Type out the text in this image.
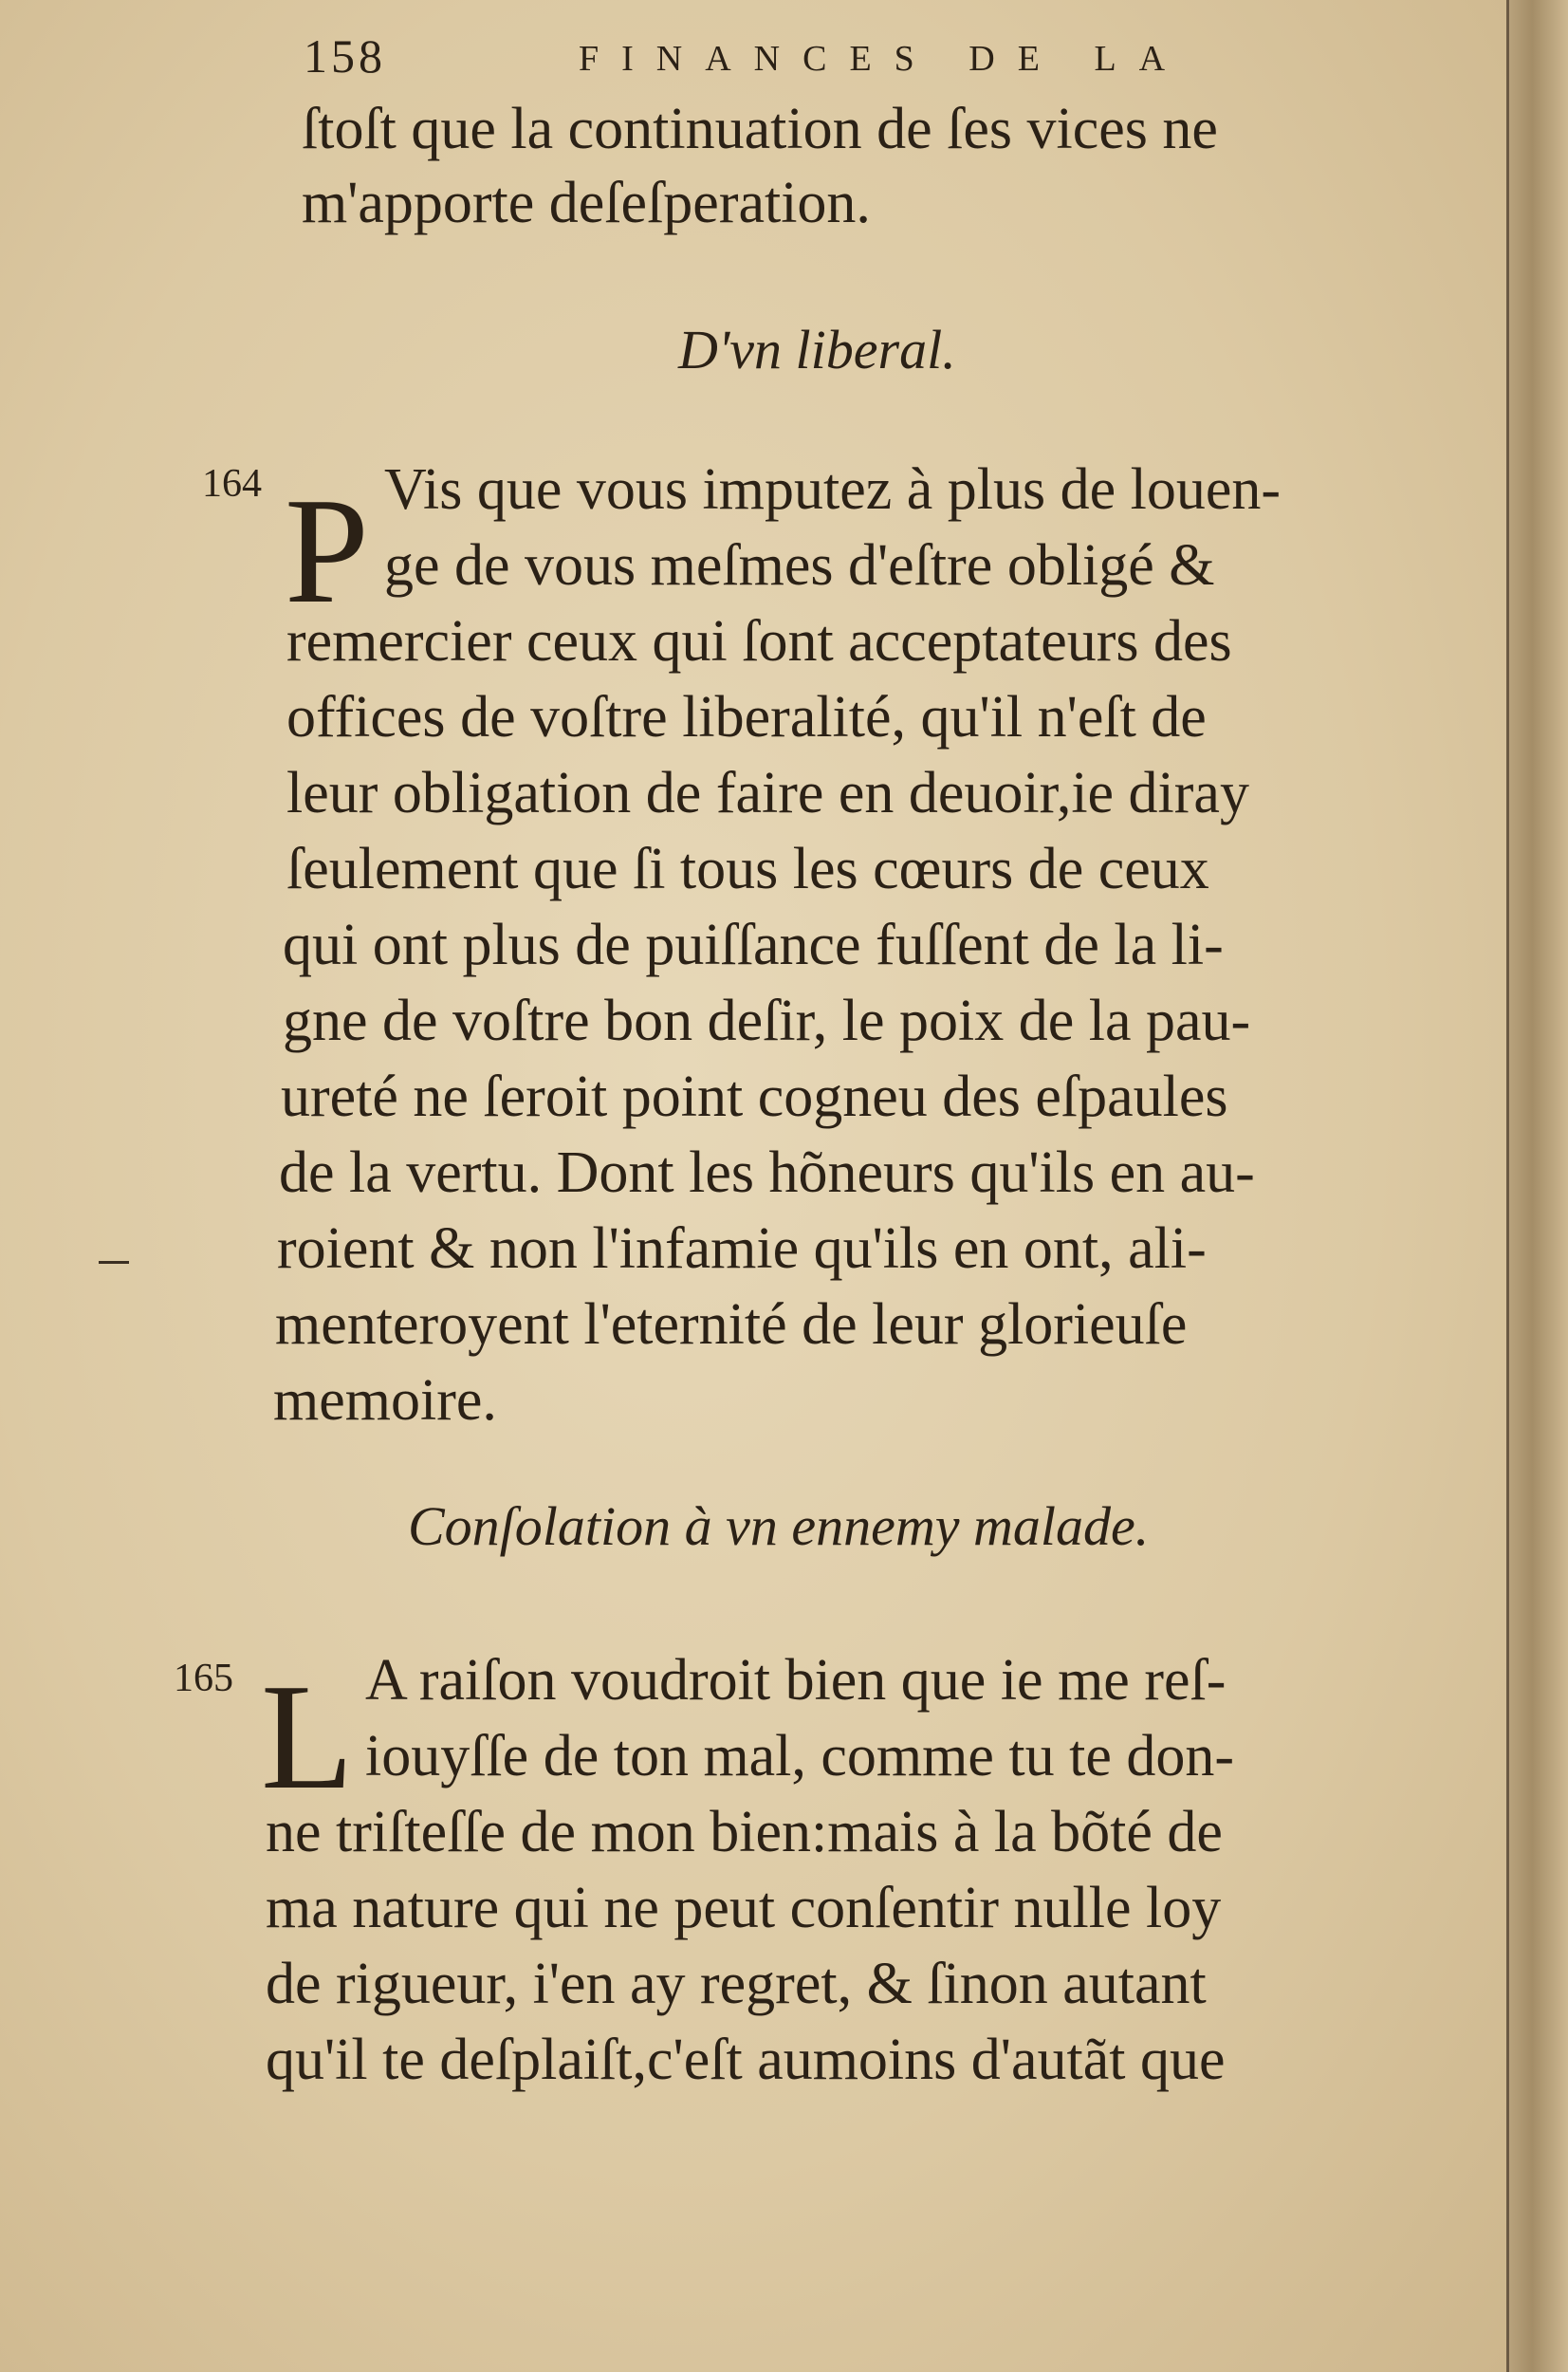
158	FINANCES DE LA
ſtoſt que la continuation de ſes vices ne
m'apporte deſeſperation.
D'vn liberal.
164 P Vis que vous imputez à plus de louen-
ge de vous meſmes d'eſtre obligé &
remercier ceux qui ſont acceptateurs des
offices de voſtre liberalité, qu'il n'eſt de
leur obligation de faire en deuoir,ie diray
ſeulement que ſi tous les cœurs de ceux
qui ont plus de puiſſance fuſſent de la li-
gne de voſtre bon deſir, le poix de la pau-
ureté ne ſeroit point cogneu des eſpaules
de la vertu. Dont les hõneurs qu'ils en au-
roient & non l'infamie qu'ils en ont, ali-
menteroyent l'eternité de leur glorieuſe
memoire.
Conſolation à vn ennemy malade.
165 L A raiſon voudroit bien que ie me reſ-
iouyſſe de ton mal, comme tu te don-
ne triſteſſe de mon bien:mais à la bõté de
ma nature qui ne peut conſentir nulle loy
de rigueur, i'en ay regret, & ſinon autant
qu'il te deſplaiſt,c'eſt aumoins d'autãt que
